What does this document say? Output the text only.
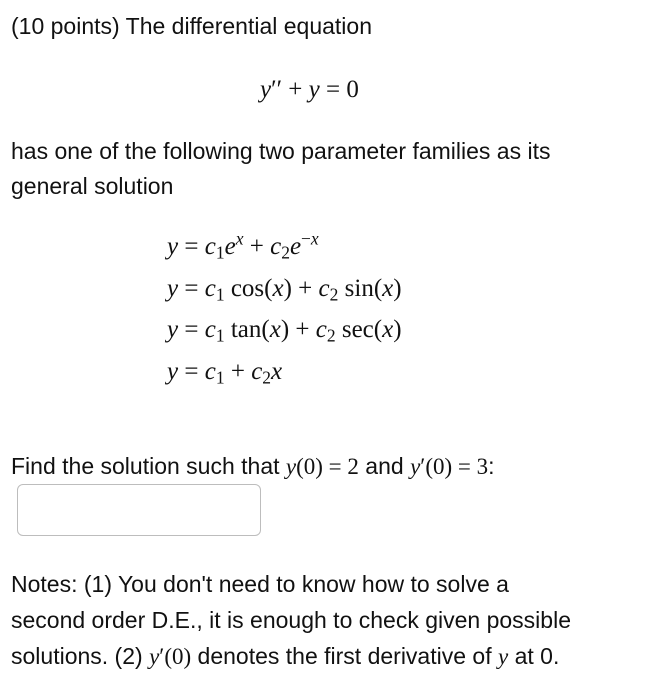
(10 points) The differential equation
y′′ + y = 0
has one of the following two parameter families as its
general solution
$y = c_1e^x + c_2e^{-x}$
$y = c_1$ $\cos(x) + c_2$ sin(x)
$y = c_1$ $\tan(x) + c_2$ sec(x)
$y = c_1 + c_2x$
Find the solution such that y(0) = 2 and y′(0) = 3:
Notes: (1) You don't need to know how to solve a
second order D.E., it is enough to check given possible
solutions. (2) y′(0) denotes the first derivative of y at 0.
